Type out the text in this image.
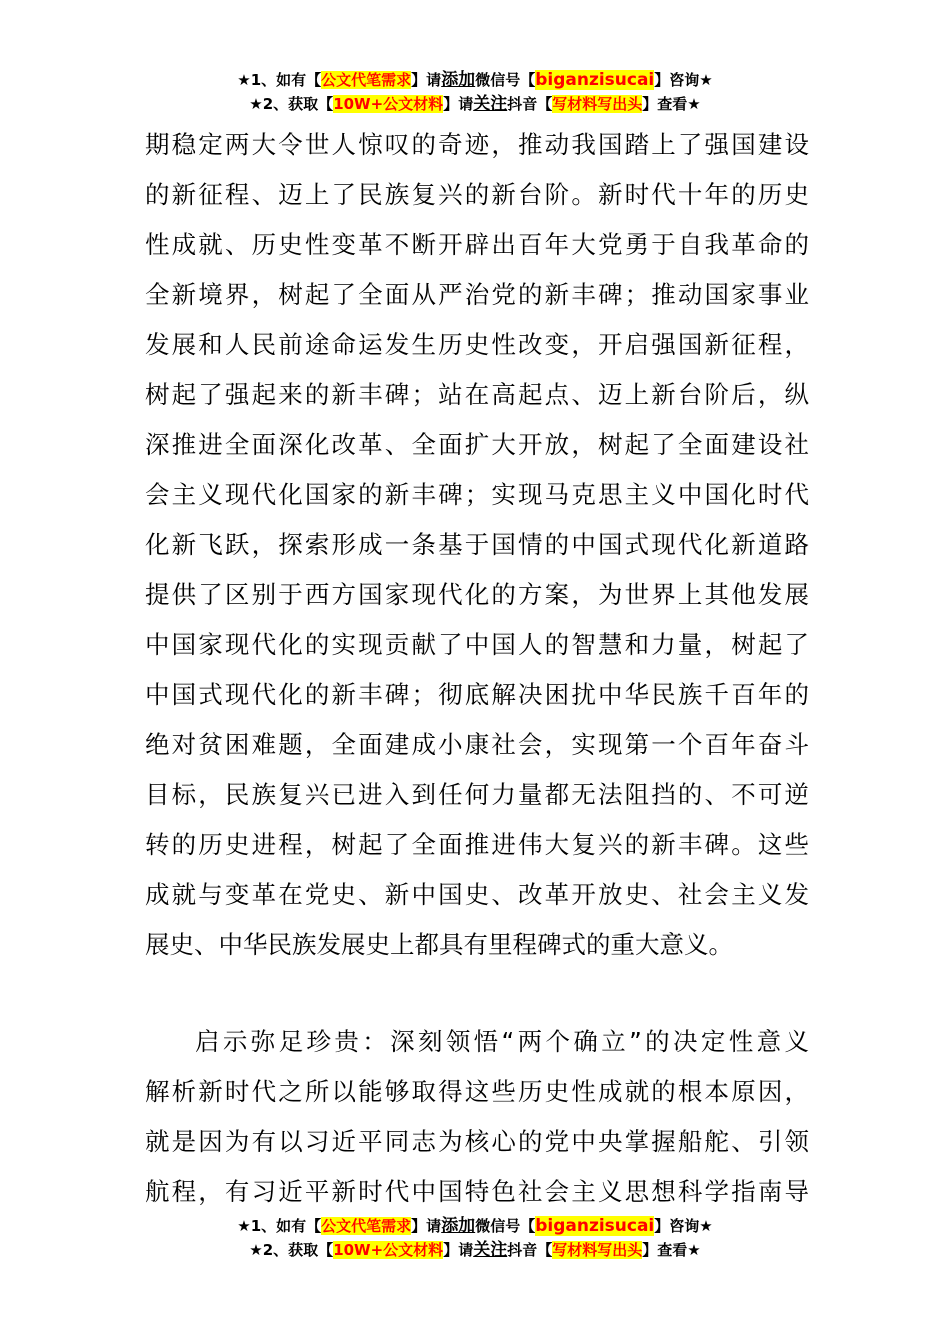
★1、如有【公文代笔需求】请添加微信号【biganzisucai】咨询★
★2、获取【10W+公文材料】请关注抖音【写材料写出头】查看★
期稳定两大令世人惊叹的奇迹，推动我国踏上了强国建设
的新征程、迈上了民族复兴的新台阶。新时代十年的历史
性成就、历史性变革不断开辟出百年大党勇于自我革命的
全新境界，树起了全面从严治党的新丰碑；推动国家事业
发展和人民前途命运发生历史性改变，开启强国新征程，
树起了强起来的新丰碑；站在高起点、迈上新台阶后，纵
深推进全面深化改革、全面扩大开放，树起了全面建设社
会主义现代化国家的新丰碑；实现马克思主义中国化时代
化新飞跃，探索形成一条基于国情的中国式现代化新道路
提供了区别于西方国家现代化的方案，为世界上其他发展
中国家现代化的实现贡献了中国人的智慧和力量，树起了
中国式现代化的新丰碑；彻底解决困扰中华民族千百年的
绝对贫困难题，全面建成小康社会，实现第一个百年奋斗
目标，民族复兴已进入到任何力量都无法阻挡的、不可逆
转的历史进程，树起了全面推进伟大复兴的新丰碑。这些
成就与变革在党史、新中国史、改革开放史、社会主义发
展史、中华民族发展史上都具有里程碑式的重大意义。
启示弥足珍贵：深刻领悟“两个确立”的决定性意义
解析新时代之所以能够取得这些历史性成就的根本原因，
就是因为有以习近平同志为核心的党中央掌握船舵、引领
航程，有习近平新时代中国特色社会主义思想科学指南导
★1、如有【公文代笔需求】请添加微信号【biganzisucai】咨询★
★2、获取【10W+公文材料】请关注抖音【写材料写出头】查看★
